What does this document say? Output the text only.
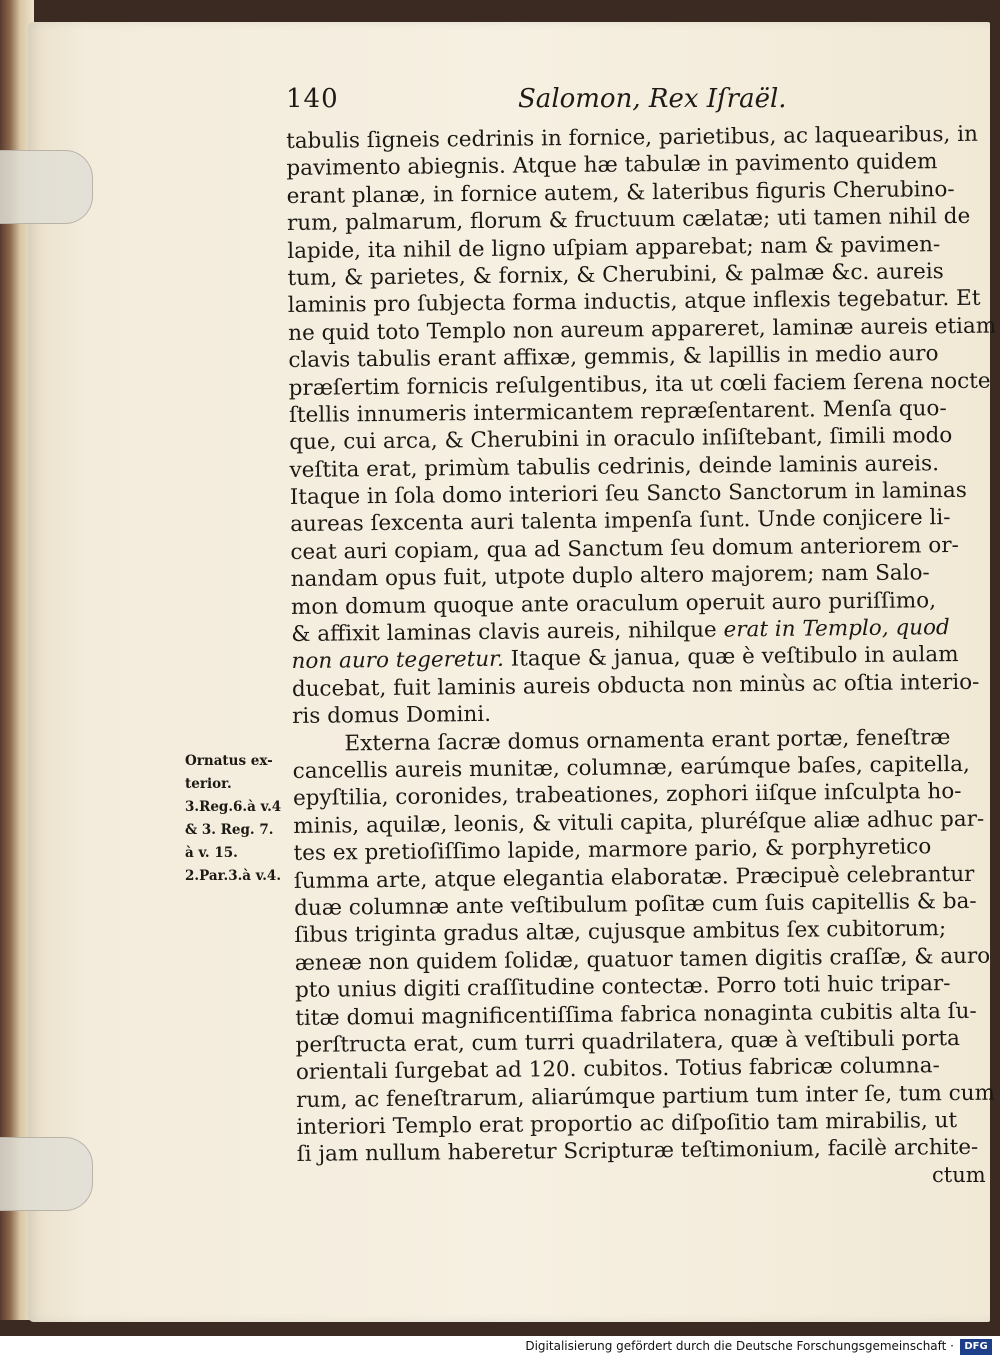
140	Salomon, Rex Iſraël.
tabulis ſigneis cedrinis in fornice, parietibus, ac laquearibus, in
pavimento abiegnis. Atque hæ tabulæ in pavimento quidem
erant planæ, in fornice autem, & lateribus figuris Cherubino-
rum, palmarum, florum & fructuum cælatæ; uti tamen nihil de
lapide, ita nihil de ligno uſpiam apparebat; nam & pavimen-
tum, & parietes, & fornix, & Cherubini, & palmæ &c. aureis
laminis pro ſubjecta forma inductis, atque inflexis tegebatur. Et
ne quid toto Templo non aureum appareret, laminæ aureis etiam
clavis tabulis erant affixæ, gemmis, & lapillis in medio auro
præſertim fornicis reſulgentibus, ita ut cœli faciem ſerena nocte
ſtellis innumeris intermicantem repræſentarent. Menſa quo-
que, cui arca, & Cherubini in oraculo inſiſtebant, ſimili modo
veſtita erat, primùm tabulis cedrinis, deinde laminis aureis.
Itaque in ſola domo interiori ſeu Sancto Sanctorum in laminas
aureas ſexcenta auri talenta impenſa ſunt. Unde conjicere li-
ceat auri copiam, qua ad Sanctum ſeu domum anteriorem or-
nandam opus fuit, utpote duplo altero majorem; nam Salo-
mon domum quoque ante oraculum operuit auro puriſſimo,
& affixit laminas clavis aureis, nihilque erat in Templo, quod
non auro tegeretur. Itaque & janua, quæ è veſtibulo in aulam
ducebat, fuit laminis aureis obducta non minùs ac oſtia interio-
ris domus Domini.
Externa ſacræ domus ornamenta erant portæ, feneſtræ
cancellis aureis munitæ, columnæ, earúmque baſes, capitella,
epyſtilia, coronides, trabeationes, zophori iiſque inſculpta ho-
minis, aquilæ, leonis, & vituli capita, pluréſque aliæ adhuc par-
tes ex pretioſiſſimo lapide, marmore pario, & porphyretico
ſumma arte, atque elegantia elaboratæ. Præcipuè celebrantur
duæ columnæ ante veſtibulum poſitæ cum ſuis capitellis & ba-
ſibus triginta gradus altæ, cujusque ambitus ſex cubitorum;
æneæ non quidem ſolidæ, quatuor tamen digitis craſſæ, & auro
pto unius digiti craſſitudine contectæ. Porro toti huic tripar-
titæ domui magnificentiſſima fabrica nonaginta cubitis alta ſu-
perſtructa erat, cum turri quadrilatera, quæ à veſtibuli porta
orientali ſurgebat ad 120. cubitos. Totius fabricæ columna-
rum, ac feneſtrarum, aliarúmque partium tum inter ſe, tum cum
interiori Templo erat proportio ac diſpoſitio tam mirabilis, ut
ſi jam nullum haberetur Scripturæ teſtimonium, facilè archite-
ctum
Ornatus ex-
terior.
3.Reg.6.à v.4
& 3. Reg. 7.
à v. 15.
2.Par.3.à v.4.
Digitalisierung gefördert durch die Deutsche Forschungsgemeinschaft ·	DFG
